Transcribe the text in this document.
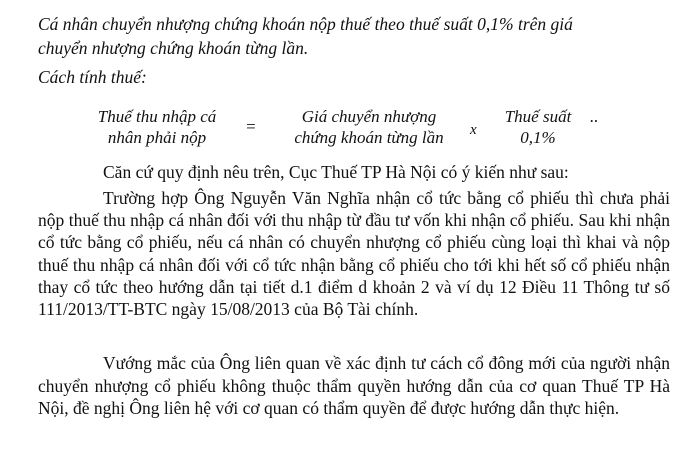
Cá nhân chuyển nhượng chứng khoán nộp thuế theo thuế suất 0,1% trên giá
chuyển nhượng chứng khoán từng lần.
Cách tính thuế:
Thuế thu nhập cá
nhân phải nộp
=
Giá chuyển nhượng
chứng khoán từng lần	x
Thuế suất
0,1%
..
Căn cứ quy định nêu trên, Cục Thuế TP Hà Nội có ý kiến như sau:
Trường hợp Ông Nguyễn Văn Nghĩa nhận cổ tức bằng cổ phiếu thì chưa phải nộp thuế thu nhập cá nhân đối với thu nhập từ đầu tư vốn khi nhận cổ phiếu. Sau khi nhận cổ tức bằng cổ phiếu, nếu cá nhân có chuyển nhượng cổ phiếu cùng loại thì khai và nộp thuế thu nhập cá nhân đối với cổ tức nhận bằng cổ phiếu cho tới khi hết số cổ phiếu nhận thay cổ tức theo hướng dẫn tại tiết d.1 điểm d khoản 2 và ví dụ 12 Điều 11 Thông tư số 111/2013/TT-BTC ngày 15/08/2013 của Bộ Tài chính.
Vướng mắc của Ông liên quan về xác định tư cách cổ đông mới của người nhận chuyển nhượng cổ phiếu không thuộc thẩm quyền hướng dẫn của cơ quan Thuế TP Hà Nội, đề nghị Ông liên hệ với cơ quan có thẩm quyền để được hướng dẫn thực hiện.
